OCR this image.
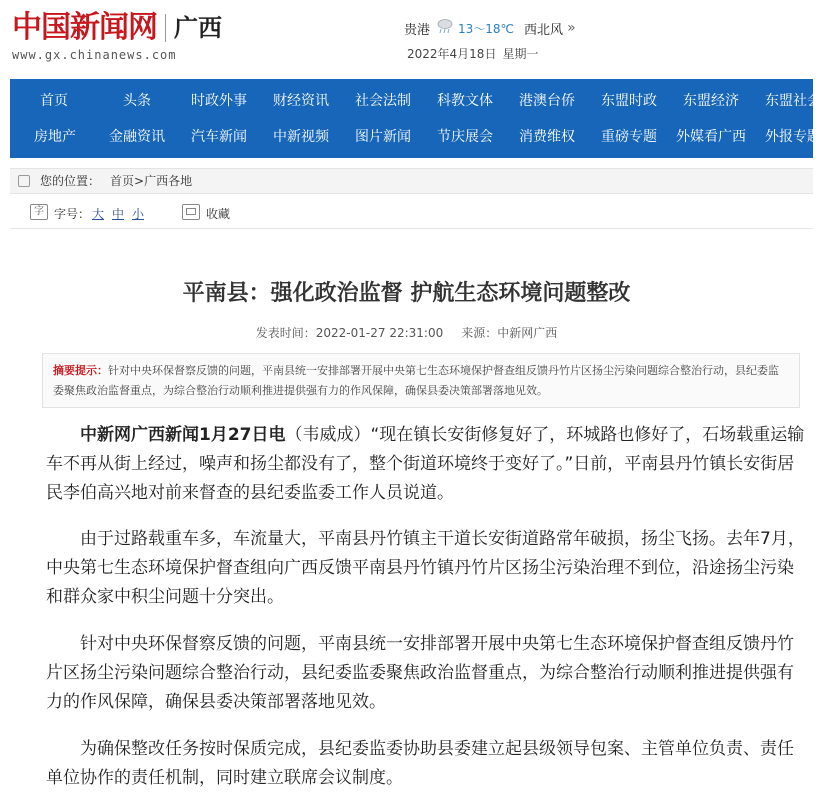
中国新闻网 广西
www.gx.chinanews.com
贵港 13～18℃ 西北风 »
2022年4月18日 星期一
首页	头条	时政外事 财经资讯 社会法制 科教文体 港澳台侨 东盟时政 东盟经济 东盟社会
房地产 金融资讯 汽车新闻 中新视频 图片新闻 节庆展会 消费维权 重磅专题 外媒看广西 外报专题
您的位置： 首页>广西各地
字 字号： 大 中 小	收藏
平南县：强化政治监督 护航生态环境问题整改
发表时间：2022-01-27 22:31:00 来源：中新网广西
摘要提示：针对中央环保督察反馈的问题，平南县统一安排部署开展中央第七生态环境保护督查组反馈丹竹片区扬尘污染问题综合整治行动，县纪委监委聚焦政治监督重点，为综合整治行动顺利推进提供强有力的作风保障，确保县委决策部署落地见效。

中新网广西新闻1月27日电（韦威成）“现在镇长安街修复好了，环城路也修好了，石场载重运输车不再从街上经过，噪声和扬尘都没有了，整个街道环境终于变好了。”日前，平南县丹竹镇长安街居民李伯高兴地对前来督查的县纪委监委工作人员说道。

由于过路载重车多，车流量大，平南县丹竹镇主干道长安街道路常年破损，扬尘飞扬。去年7月，中央第七生态环境保护督查组向广西反馈平南县丹竹镇丹竹片区扬尘污染治理不到位，沿途扬尘污染和群众家中积尘问题十分突出。

针对中央环保督察反馈的问题，平南县统一安排部署开展中央第七生态环境保护督查组反馈丹竹片区扬尘污染问题综合整治行动，县纪委监委聚焦政治监督重点，为综合整治行动顺利推进提供强有力的作风保障，确保县委决策部署落地见效。

为确保整改任务按时保质完成，县纪委监委协助县委建立起县级领导包案、主管单位负责、责任单位协作的责任机制，同时建立联席会议制度。
